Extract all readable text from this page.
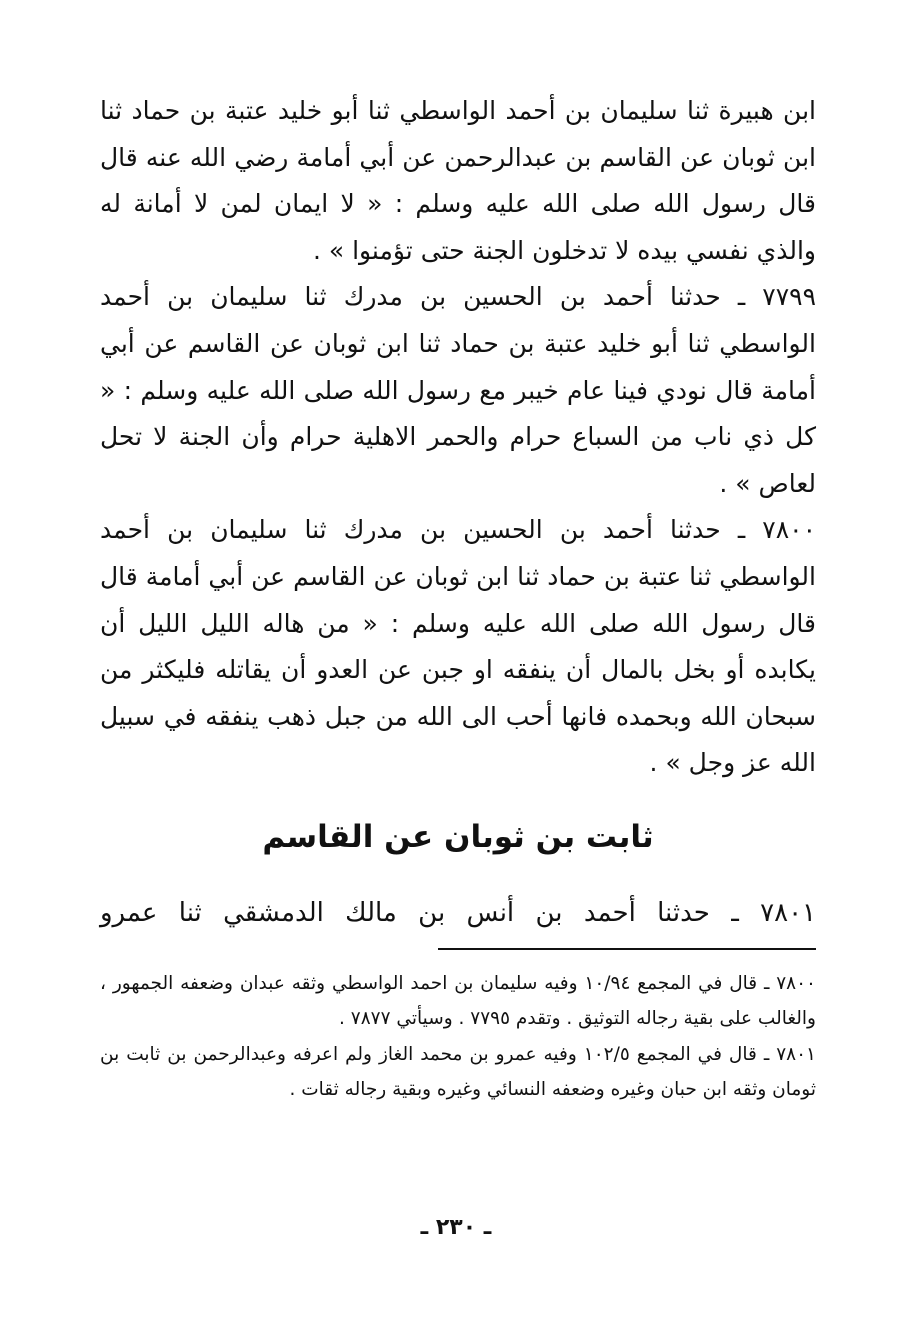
ابن هبيرة ثنا سليمان بن أحمد الواسطي ثنا أبو خليد عتبة بن حماد ثنا ابن ثوبان عن القاسم بن عبدالرحمن عن أبي أمامة رضي الله عنه قال قال رسول الله صلى الله عليه وسلم : « لا ايمان لمن لا أمانة له والذي نفسي بيده لا تدخلون الجنة حتى تؤمنوا » .

٧٧٩٩ ـ حدثنا أحمد بن الحسين بن مدرك ثنا سليمان بن أحمد الواسطي ثنا أبو خليد عتبة بن حماد ثنا ابن ثوبان عن القاسم عن أبي أمامة قال نودي فينا عام خيبر مع رسول الله صلى الله عليه وسلم : « كل ذي ناب من السباع حرام والحمر الاهلية حرام وأن الجنة لا تحل لعاص » .

٧٨٠٠ ـ حدثنا أحمد بن الحسين بن مدرك ثنا سليمان بن أحمد الواسطي ثنا عتبة بن حماد ثنا ابن ثوبان عن القاسم عن أبي أمامة قال قال رسول الله صلى الله عليه وسلم : « من هاله الليل الليل أن يكابده أو بخل بالمال أن ينفقه او جبن عن العدو أن يقاتله فليكثر من سبحان الله وبحمده فانها أحب الى الله من جبل ذهب ينفقه في سبيل الله عز وجل » .

ثابت بن ثوبان عن القاسم
٧٨٠١ ـ حدثنا أحمد بن أنس بن مالك الدمشقي ثنا عمرو

٧٨٠٠ ـ قال في المجمع ١٠/٩٤ وفيه سليمان بن احمد الواسطي وثقه عبدان وضعفه الجمهور ، والغالب على بقية رجاله التوثيق . وتقدم ٧٧٩٥ . وسيأتي ٧٨٧٧ .

٧٨٠١ ـ قال في المجمع ١٠٢/٥ وفيه عمرو بن محمد الغاز ولم اعرفه وعبدالرحمن بن ثابت بن ثومان وثقه ابن حبان وغيره وضعفه النسائي وغيره وبقية رجاله ثقات .

ـ ٢٣٠ ـ
